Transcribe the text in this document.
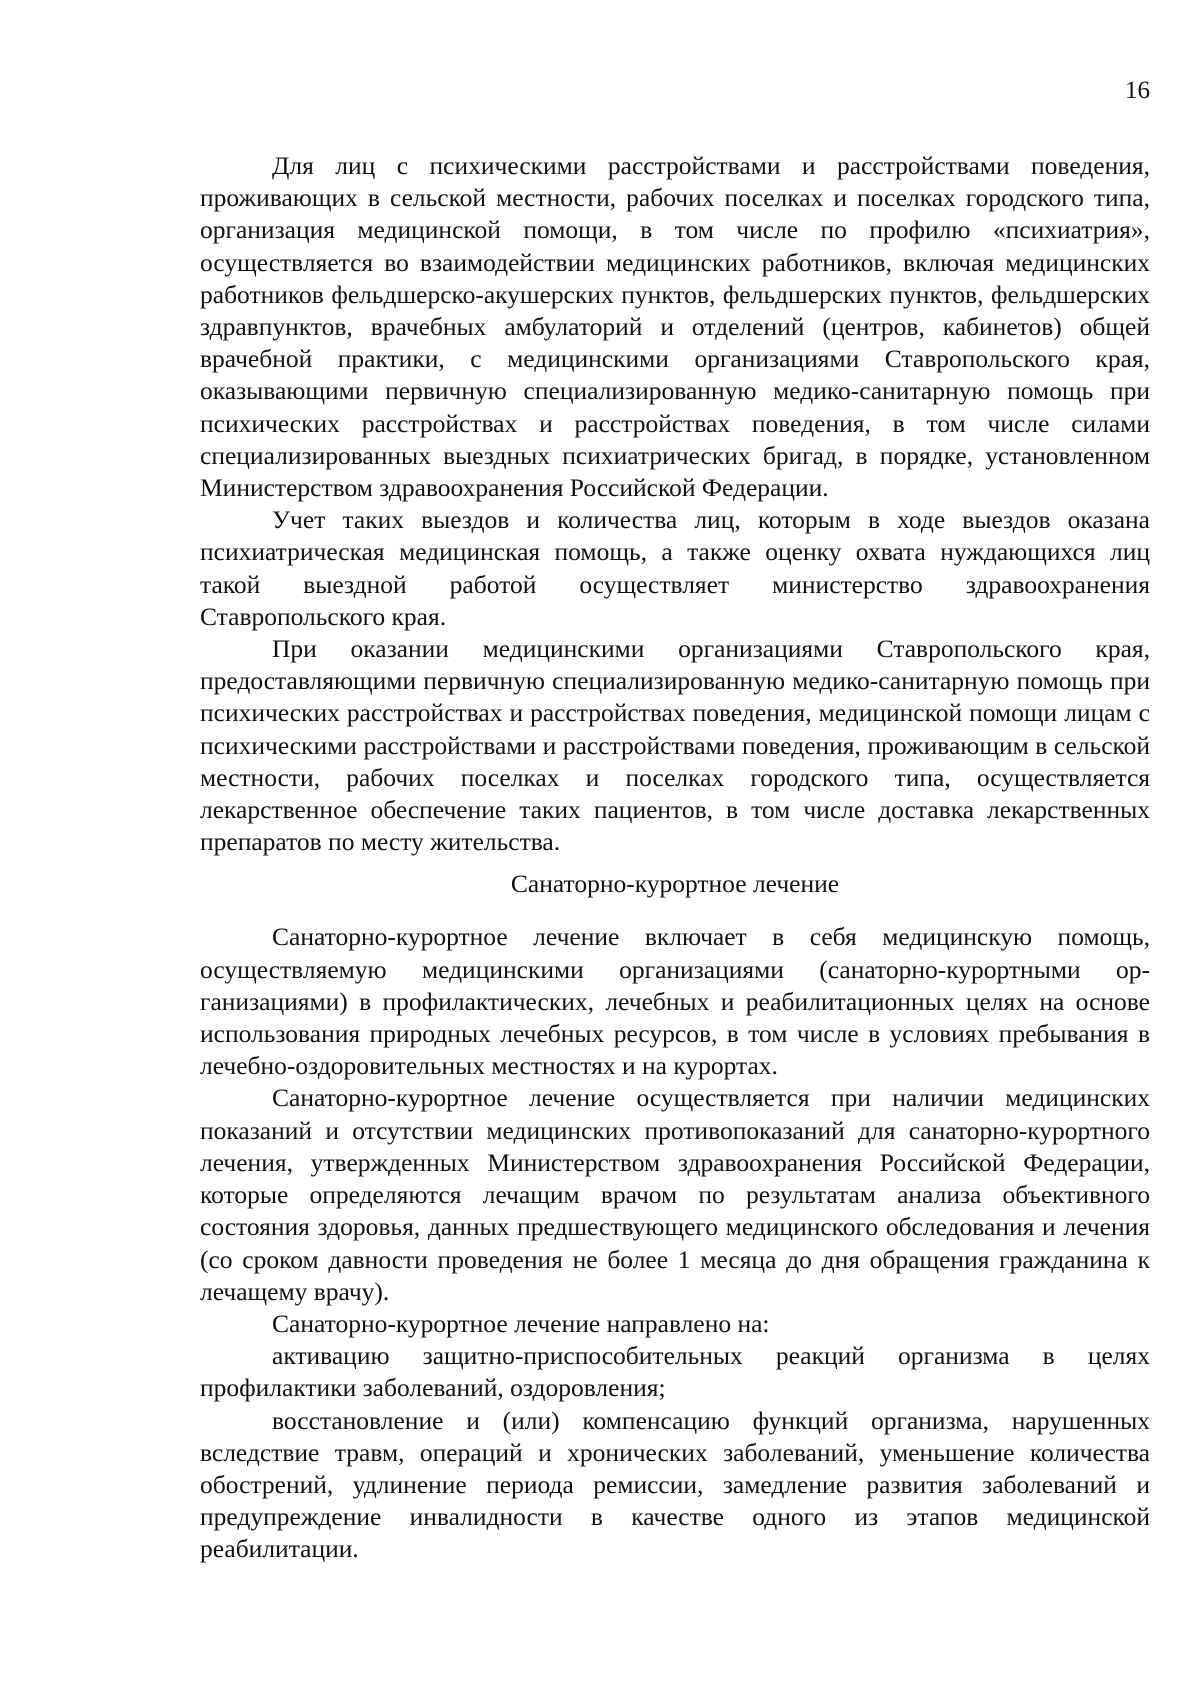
16

Для лиц с психическими расстройствами и расстройствами поведения, проживающих в сельской местности, рабочих поселках и поселках городского типа, организация медицинской помощи, в том числе по профилю «психиатрия», осуществляется во взаимодействии медицинских работников, включая медицинских работников фельдшерско-акушерских пунктов, фельдшерских пунктов, фельдшерских здравпунктов, врачебных амбулаторий и отделений (центров, кабинетов) общей врачебной практики, с медицинскими организациями Ставропольского края, оказывающими первичную специализированную медико-санитарную помощь при психических расстройствах и расстройствах поведения, в том числе силами специализированных выездных психиатрических бригад, в порядке, установленном Министерством здравоохранения Российской Федерации.

Учет таких выездов и количества лиц, которым в ходе выездов оказана психиатрическая медицинская помощь, а также оценку охвата нуждающихся лиц такой выездной работой осуществляет министерство здравоохранения Ставропольского края.

При оказании медицинскими организациями Ставропольского края, предоставляющими первичную специализированную медико-санитарную помощь при психических расстройствах и расстройствах поведения, медицинской помощи лицам с психическими расстройствами и расстройствами поведения, проживающим в сельской местности, рабочих поселках и поселках городского типа, осуществляется лекарственное обеспечение таких пациентов, в том числе доставка лекарственных препаратов по месту жительства.

Санаторно-курортное лечение

Санаторно-курортное лечение включает в себя медицинскую помощь, осуществляемую медицинскими организациями (санаторно-курортными организациями) в профилактических, лечебных и реабилитационных целях на основе использования природных лечебных ресурсов, в том числе в условиях пребывания в лечебно-оздоровительных местностях и на курортах.

Санаторно-курортное лечение осуществляется при наличии медицинских показаний и отсутствии медицинских противопоказаний для санаторно-курортного лечения, утвержденных Министерством здравоохранения Российской Федерации, которые определяются лечащим врачом по результатам анализа объективного состояния здоровья, данных предшествующего медицинского обследования и лечения (со сроком давности проведения не более 1 месяца до дня обращения гражданина к лечащему врачу).

Санаторно-курортное лечение направлено на:

активацию защитно-приспособительных реакций организма в целях профилактики заболеваний, оздоровления;

восстановление и (или) компенсацию функций организма, нарушенных вследствие травм, операций и хронических заболеваний, уменьшение количества обострений, удлинение периода ремиссии, замедление развития заболеваний и предупреждение инвалидности в качестве одного из этапов медицинской реабилитации.
